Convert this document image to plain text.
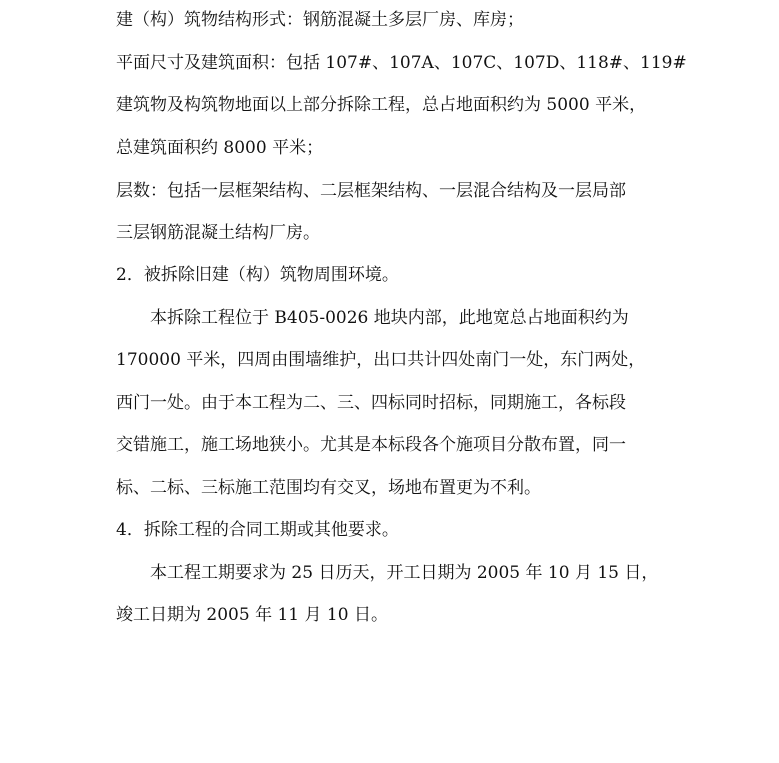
建（构）筑物结构形式：钢筋混凝土多层厂房、库房；
平面尺寸及建筑面积：包括 107#、107A、107C、107D、118#、119#
建筑物及构筑物地面以上部分拆除工程，总占地面积约为 5000 平米，
总建筑面积约 8000 平米；
层数：包括一层框架结构、二层框架结构、一层混合结构及一层局部
三层钢筋混凝土结构厂房。
2．被拆除旧建（构）筑物周围环境。
本拆除工程位于 B405-0026 地块内部，此地宽总占地面积约为
170000 平米，四周由围墙维护，出口共计四处南门一处，东门两处，
西门一处。由于本工程为二、三、四标同时招标，同期施工，各标段
交错施工，施工场地狭小。尤其是本标段各个施项目分散布置，同一
标、二标、三标施工范围均有交叉，场地布置更为不利。
4．拆除工程的合同工期或其他要求。
本工程工期要求为 25 日历天，开工日期为 2005 年 10 月 15 日，
竣工日期为 2005 年 11 月 10 日。
